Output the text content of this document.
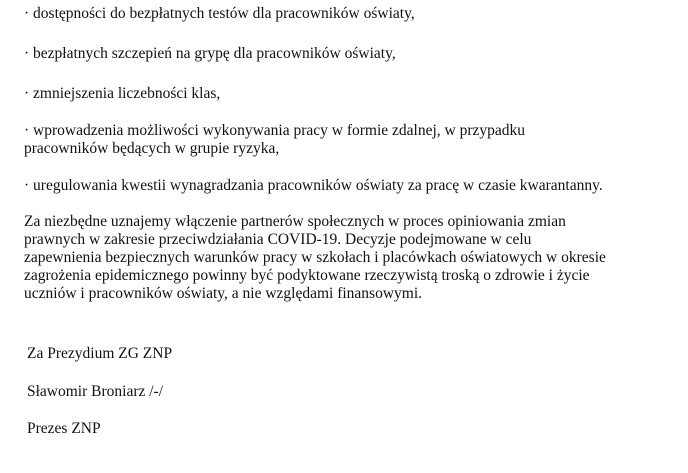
· dostępności do bezpłatnych testów dla pracowników oświaty,
· bezpłatnych szczepień na grypę dla pracowników oświaty,
· zmniejszenia liczebności klas,
· wprowadzenia możliwości wykonywania pracy w formie zdalnej, w przypadku
pracowników będących w grupie ryzyka,
· uregulowania kwestii wynagradzania pracowników oświaty za pracę w czasie kwarantanny.
Za niezbędne uznajemy włączenie partnerów społecznych w proces opiniowania zmian
prawnych w zakresie przeciwdziałania COVID-19. Decyzje podejmowane w celu
zapewnienia bezpiecznych warunków pracy w szkołach i placówkach oświatowych w okresie
zagrożenia epidemicznego powinny być podyktowane rzeczywistą troską o zdrowie i życie
uczniów i pracowników oświaty, a nie względami finansowymi.
Za Prezydium ZG ZNP
Sławomir Broniarz /-/
Prezes ZNP
